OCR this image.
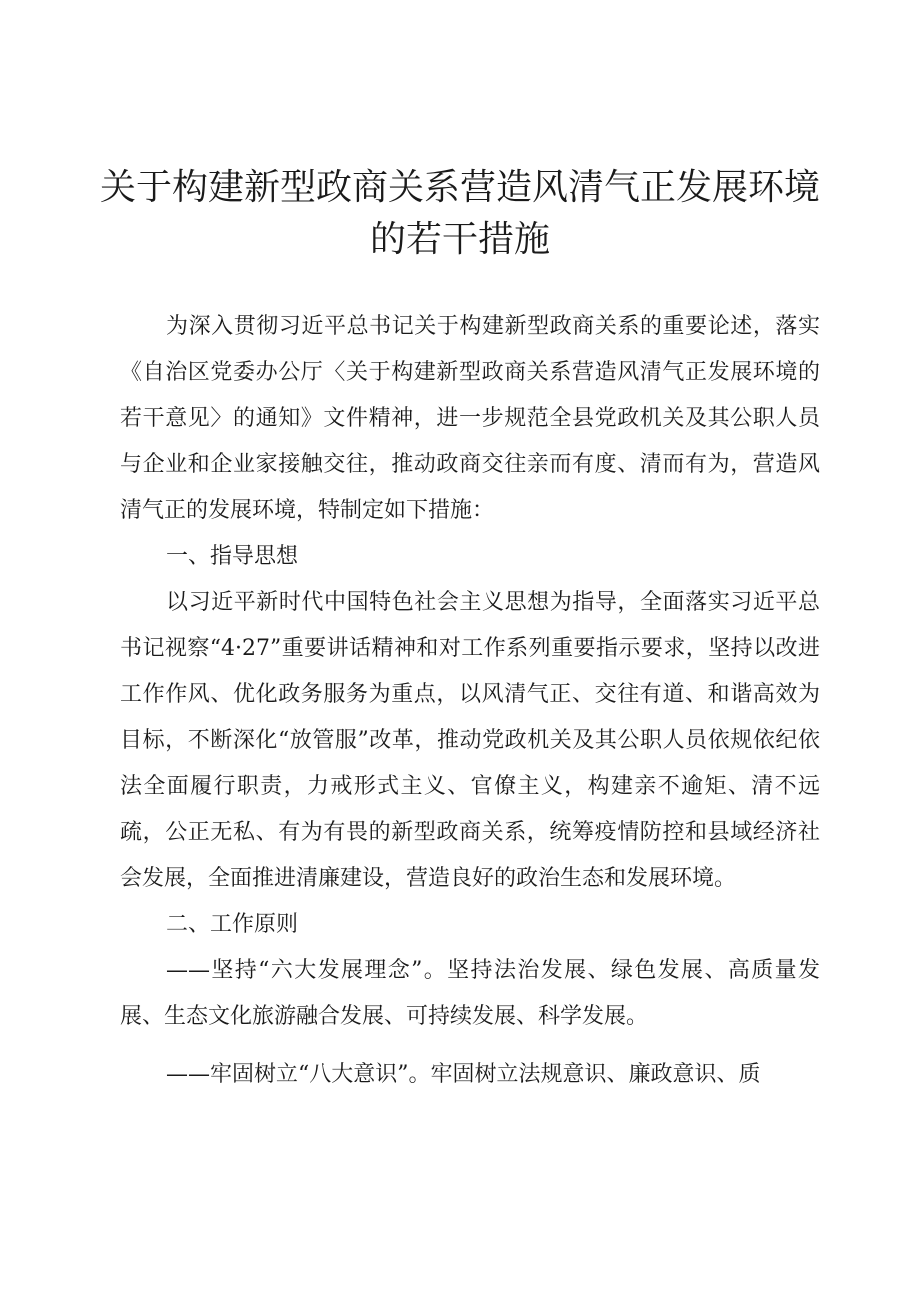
关于构建新型政商关系营造风清气正发展环境
的若干措施

为深入贯彻习近平总书记关于构建新型政商关系的重要论述，落实《自治区党委办公厅〈关于构建新型政商关系营造风清气正发展环境的若干意见〉的通知》文件精神，进一步规范全县党政机关及其公职人员与企业和企业家接触交往，推动政商交往亲而有度、清而有为，营造风清气正的发展环境，特制定如下措施：

一、指导思想

以习近平新时代中国特色社会主义思想为指导，全面落实习近平总书记视察“4·27”重要讲话精神和对工作系列重要指示要求，坚持以改进工作作风、优化政务服务为重点，以风清气正、交往有道、和谐高效为目标，不断深化“放管服”改革，推动党政机关及其公职人员依规依纪依法全面履行职责，力戒形式主义、官僚主义，构建亲不逾矩、清不远疏，公正无私、有为有畏的新型政商关系，统筹疫情防控和县域经济社会发展，全面推进清廉建设，营造良好的政治生态和发展环境。

二、工作原则

——坚持“六大发展理念”。坚持法治发展、绿色发展、高质量发展、生态文化旅游融合发展、可持续发展、科学发展。

——牢固树立“八大意识”。牢固树立法规意识、廉政意识、质
